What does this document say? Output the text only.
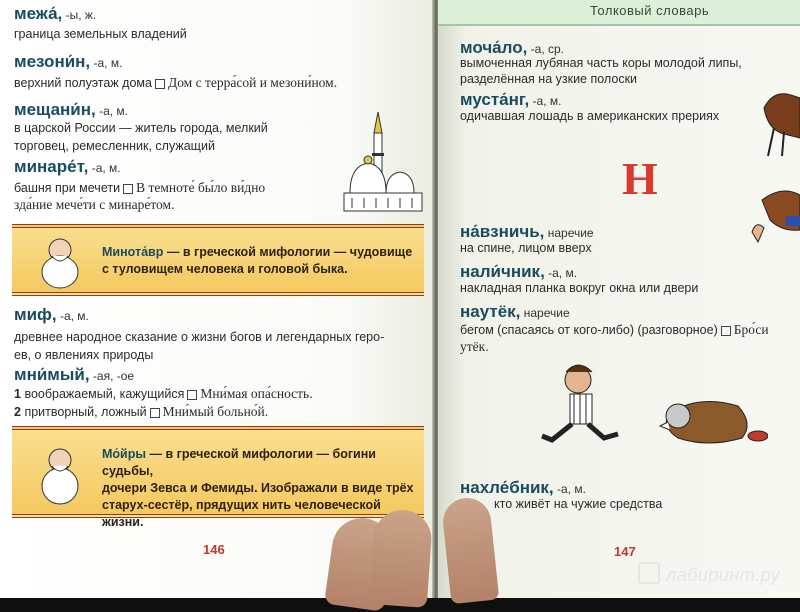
межа́, -ы, ж.
граница земельных владений
мезони́н, -а, м.
верхний полуэтаж дома Дом с терра́сой и мезони́ном.
мещани́н, -а, м.
в царской России — житель города, мелкий
торговец, ремесленник, служащий
минаре́т, -а, м.
башня при мечети В темноте́ бы́ло ви́дно
зда́ние мече́ти с минаре́том.
Минота́вр — в греческой мифологии — чудовище
с туловищем человека и головой быка.
миф, -а, м.
древнее народное сказание о жизни богов и легендарных геро-
ев, о явлениях природы
мни́мый, -ая, -ое
1 воображаемый, кажущийся Мни́мая опа́сность.
2 притворный, ложный Мни́мый больно́й.
Мо́йры — в греческой мифологии — богини судьбы,
дочери Зевса и Фемиды. Изображали в виде трёх
старух-сестёр, прядущих нить человеческой жизни.
146
Толковый словарь
моча́ло, -а, ср.
вымоченная лубяная часть коры молодой липы,
разделённая на узкие полоски
муста́нг, -а, м.
одичавшая лошадь в американских прериях
Н
на́взничь, наречие
на спине, лицом вверх
нали́чник, -а, м.
накладная планка вокруг окна или двери
наутёк, наречие
бегом (спасаясь от кого-либо) (разговорное) Бро́си
утёк.
нахле́бник, -а, м.
кто живёт на чужие средства
147
лабиринт.ру
